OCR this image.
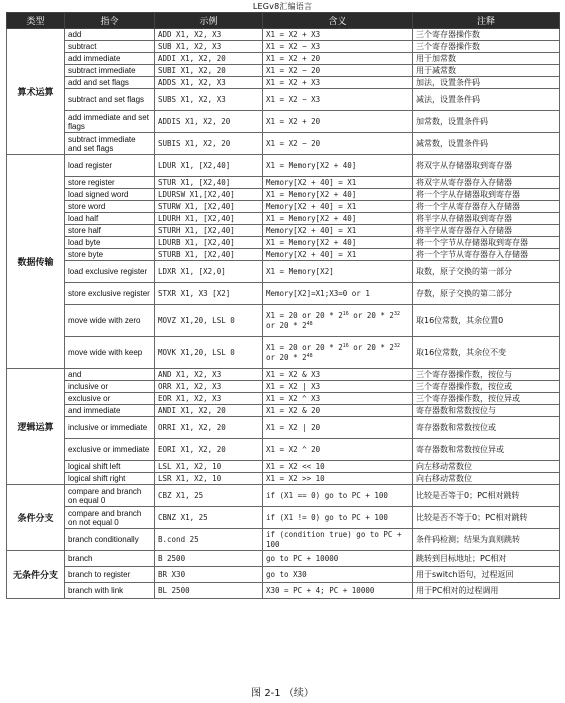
LEGv8汇编语言
类型	指令	示例	含义	注释
算术运算	add	ADD X1, X2, X3	X1 = X2 + X3	三个寄存器操作数
	subtract	SUB X1, X2, X3	X1 = X2 − X3	三个寄存器操作数
	add immediate	ADDI X1, X2, 20	X1 = X2 + 20	用于加常数
	subtract immediate	SUBI X1, X2, 20	X1 = X2 − 20	用于减常数
	add and set flags	ADDS X1, X2, X3	X1 = X2 + X3	加法，设置条件码
	subtract and set flags	SUBS X1, X2, X3	X1 = X2 − X3	减法，设置条件码
	add immediate and set flags	ADDIS X1, X2, 20	X1 = X2 + 20	加常数，设置条件码
	subtract immediate and set flags	SUBIS X1, X2, 20	X1 = X2 − 20	减常数，设置条件码
数据传输	load register	LDUR X1, [X2,40]	X1 = Memory[X2 + 40]	将双字从存储器取到寄存器
	store register	STUR X1, [X2,40]	Memory[X2 + 40] = X1	将双字从寄存器存入存储器
	load signed word	LDURSW X1,[X2,40]	X1 = Memory[X2 + 40]	将一个字从存储器取到寄存器
	store word	STURW X1, [X2,40]	Memory[X2 + 40] = X1	将一个字从寄存器存入存储器
	load half	LDURH X1, [X2,40]	X1 = Memory[X2 + 40]	将半字从存储器取到寄存器
	store half	STURH X1, [X2,40]	Memory[X2 + 40] = X1	将半字从寄存器存入存储器
	load byte	LDURB X1, [X2,40]	X1 = Memory[X2 + 40]	将一个字节从存储器取到寄存器
	store byte	STURB X1, [X2,40]	Memory[X2 + 40] = X1	将一个字节从寄存器存入存储器
	load exclusive register	LDXR X1, [X2,0]	X1 = Memory[X2]	取数，原子交换的第一部分
	store exclusive register	STXR X1, X3 [X2]	Memory[X2]=X1;X3=0 or 1	存数，原子交换的第二部分
	move wide with zero	MOVZ X1,20, LSL 0	X1 = 20 or $20 * 2^{16}$ or $20 * 2^{32}$ or $20 * 2^{48}$	取16位常数，其余位置0
	move wide with keep	MOVK X1,20, LSL 0	X1 = 20 or $20 * 2^{16}$ or $20 * 2^{32}$ or $20 * 2^{48}$	取16位常数，其余位不变
逻辑运算	and	AND X1, X2, X3	X1 = X2 & X3	三个寄存器操作数，按位与
	inclusive or	ORR X1, X2, X3	X1 = X2 | X3	三个寄存器操作数，按位或
	exclusive or	EOR X1, X2, X3	X1 = X2 ^ X3	三个寄存器操作数，按位异或
	and immediate	ANDI X1, X2, 20	X1 = X2 & 20	寄存器数和常数按位与
	inclusive or immediate	ORRI X1, X2, 20	X1 = X2 | 20	寄存器数和常数按位或
	exclusive or immediate	EORI X1, X2, 20	X1 = X2 ^ 20	寄存器数和常数按位异或
	logical shift left	LSL X1, X2, 10	X1 = X2 << 10	向左移动常数位
	logical shift right	LSR X1, X2, 10	X1 = X2 >> 10	向右移动常数位
条件分支	compare and branch on equal 0	CBZ X1, 25	if (X1 == 0) go to PC + 100	比较是否等于0；PC相对跳转
	compare and branch on not equal 0	CBNZ X1, 25	if (X1 != 0) go to PC + 100	比较是否不等于0；PC相对跳转
	branch conditionally	B.cond 25	if (condition true) go to PC + 100	条件码检测；结果为真则跳转
无条件分支	branch	B 2500	go to PC + 10000	跳转到目标地址；PC相对
	branch to register	BR X30	go to X30	用于switch语句，过程返回
	branch with link	BL 2500	X30 = PC + 4; PC + 10000	用于PC相对的过程调用
图 2-1 （续）
